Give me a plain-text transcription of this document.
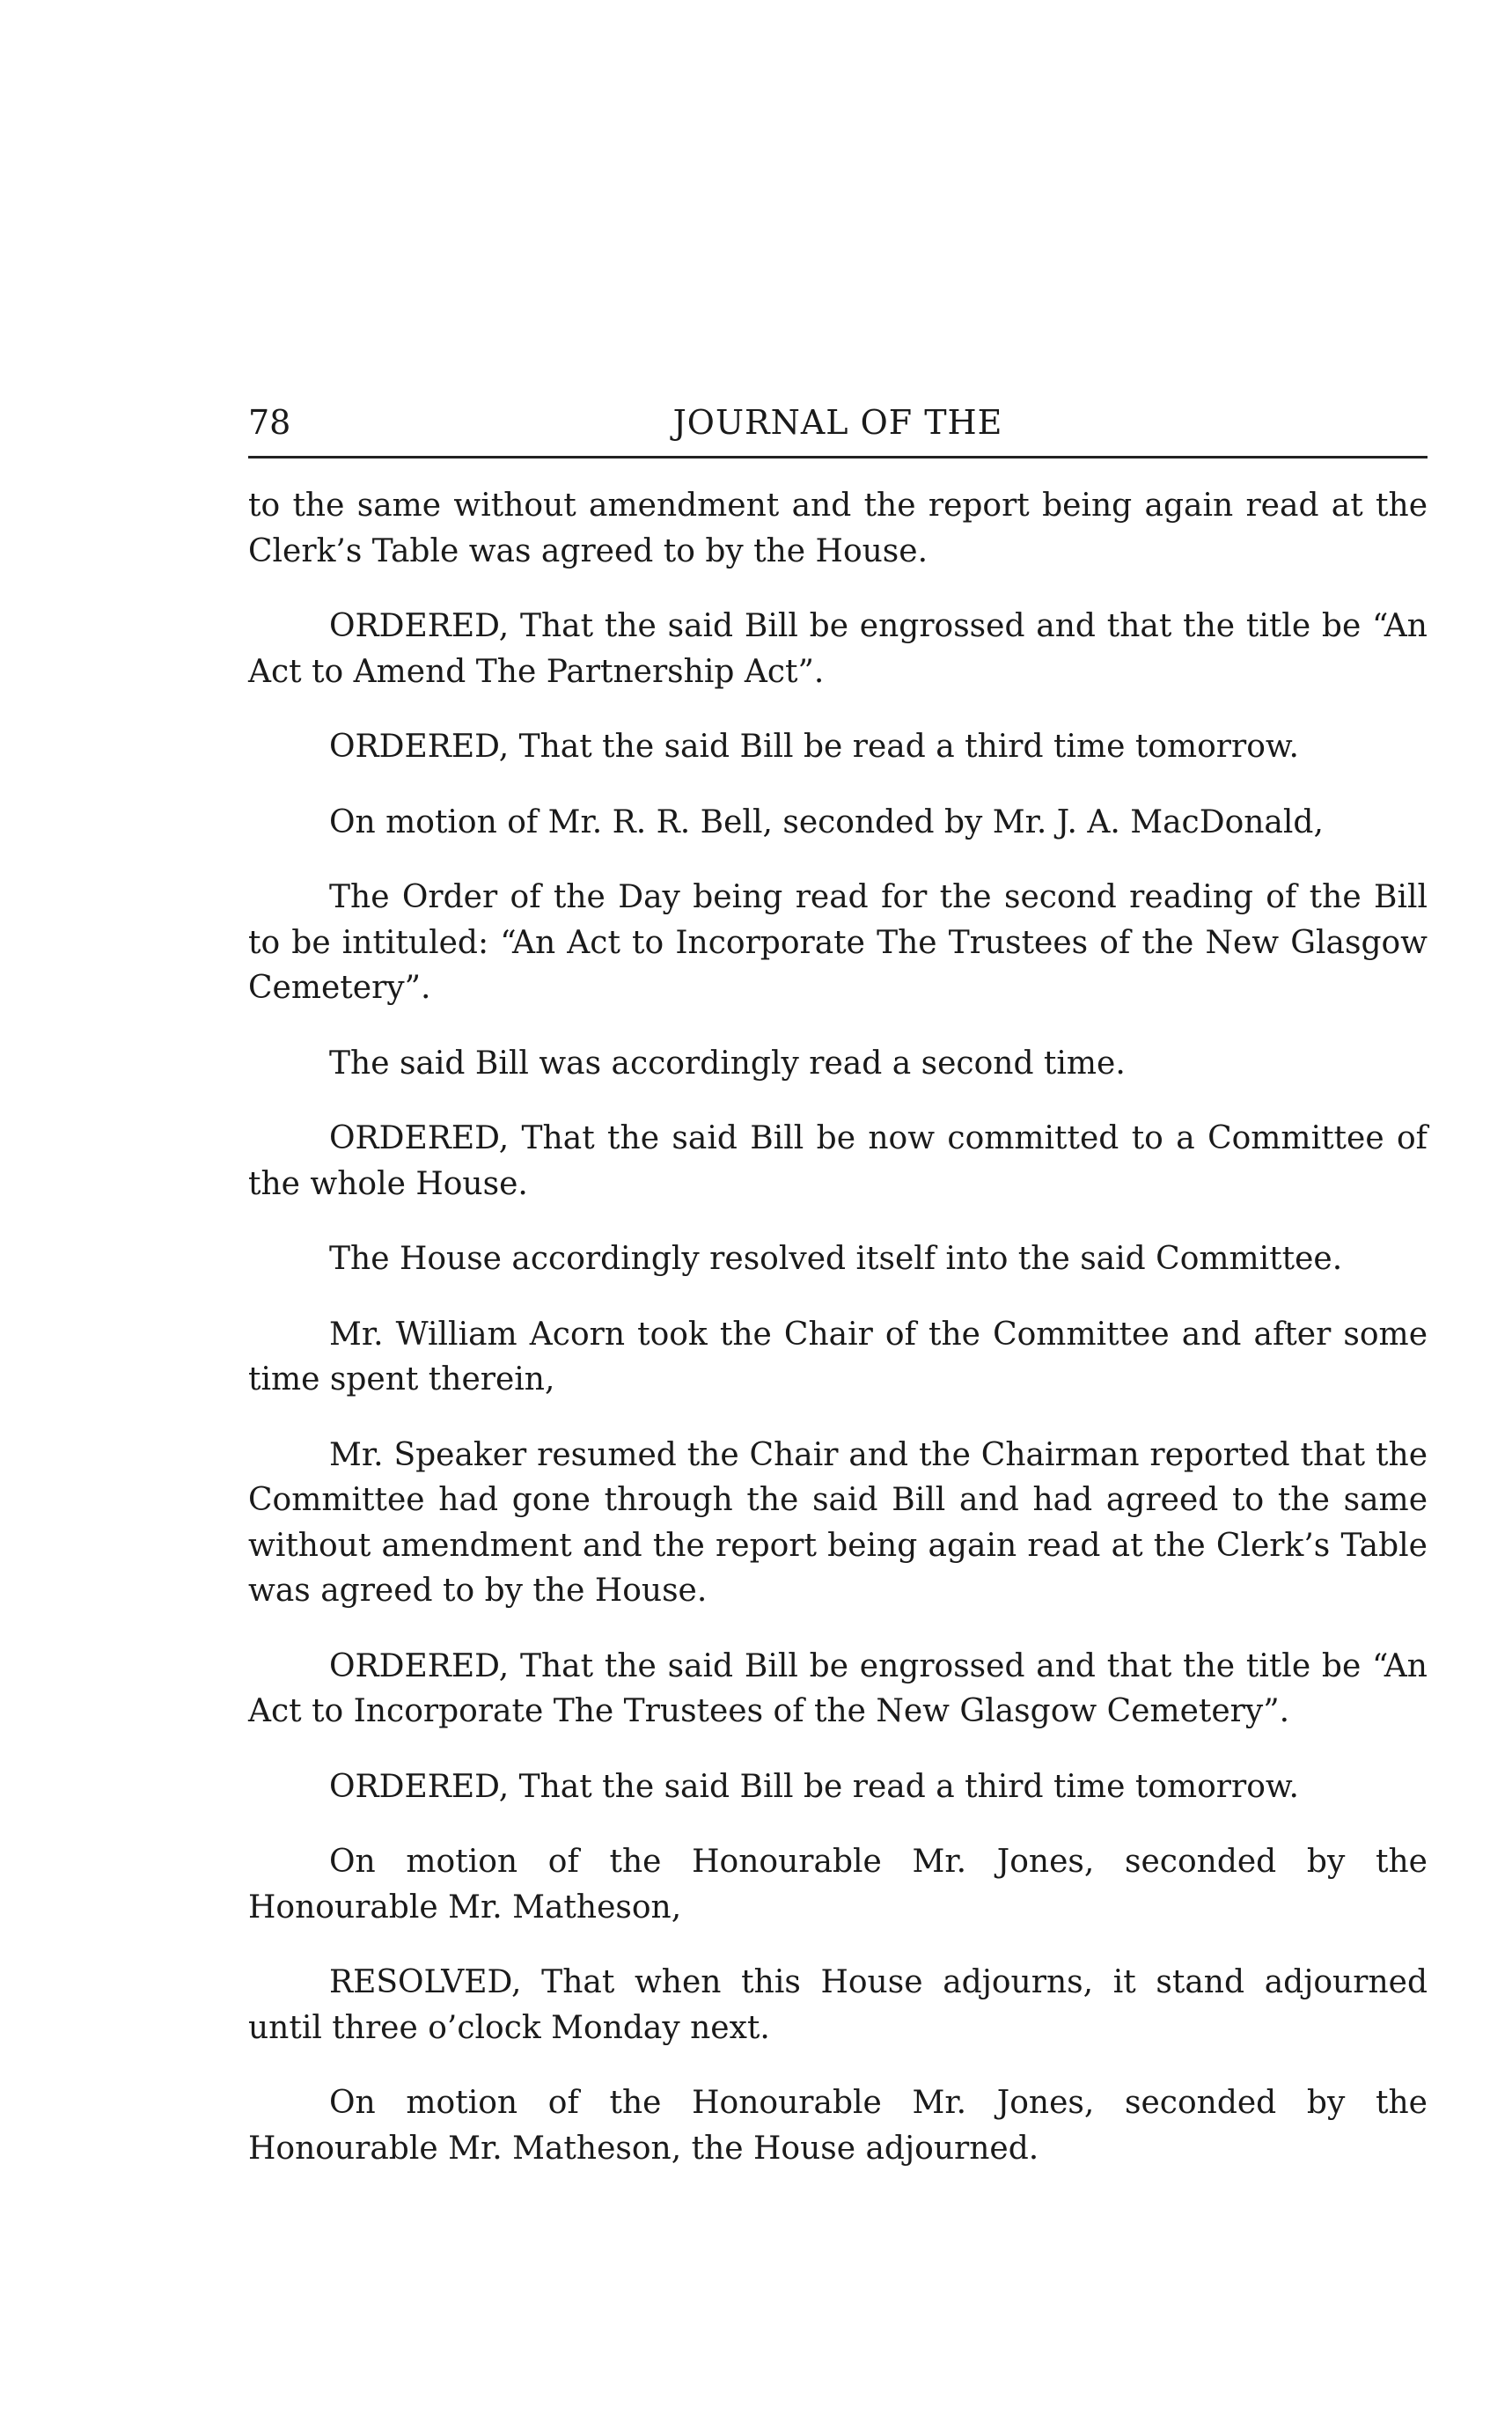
78	JOURNAL OF THE

to the same without amendment and the report being again read at the Clerk’s Table was agreed to by the House.

ORDERED, That the said Bill be engrossed and that the title be “An Act to Amend The Partnership Act”.

ORDERED, That the said Bill be read a third time tomorrow.

On motion of Mr. R. R. Bell, seconded by Mr. J. A. MacDonald,

The Order of the Day being read for the second reading of the Bill to be intituled: “An Act to Incorporate The Trustees of the New Glasgow Cemetery”.

The said Bill was accordingly read a second time.

ORDERED, That the said Bill be now committed to a Committee of the whole House.

The House accordingly resolved itself into the said Committee.

Mr. William Acorn took the Chair of the Committee and after some time spent therein,

Mr. Speaker resumed the Chair and the Chairman reported that the Committee had gone through the said Bill and had agreed to the same without amendment and the report being again read at the Clerk’s Table was agreed to by the House.

ORDERED, That the said Bill be engrossed and that the title be “An Act to Incorporate The Trustees of the New Glasgow Cemetery”.

ORDERED, That the said Bill be read a third time tomorrow.

On motion of the Honourable Mr. Jones, seconded by the Honourable Mr. Matheson,

RESOLVED, That when this House adjourns, it stand adjourned until three o’clock Monday next.

On motion of the Honourable Mr. Jones, seconded by the Honourable Mr. Matheson, the House adjourned.
